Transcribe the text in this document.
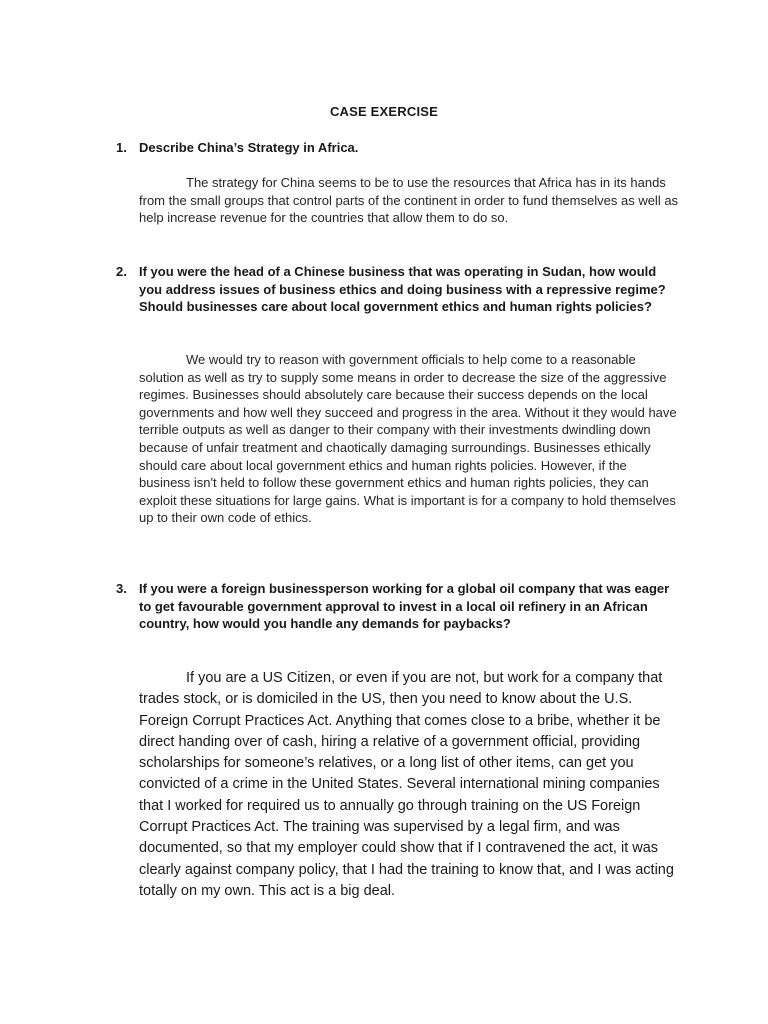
CASE EXERCISE
1. Describe China’s Strategy in Africa.
The strategy for China seems to be to use the resources that Africa has in its hands from the small groups that control parts of the continent in order to fund themselves as well as help increase revenue for the countries that allow them to do so.
2. If you were the head of a Chinese business that was operating in Sudan, how would you address issues of business ethics and doing business with a repressive regime? Should businesses care about local government ethics and human rights policies?
We would try to reason with government officials to help come to a reasonable solution as well as try to supply some means in order to decrease the size of the aggressive regimes. Businesses should absolutely care because their success depends on the local governments and how well they succeed and progress in the area. Without it they would have terrible outputs as well as danger to their company with their investments dwindling down because of unfair treatment and chaotically damaging surroundings. Businesses ethically should care about local government ethics and human rights policies. However, if the business isn't held to follow these government ethics and human rights policies, they can exploit these situations for large gains. What is important is for a company to hold themselves up to their own code of ethics.
3. If you were a foreign businessperson working for a global oil company that was eager to get favourable government approval to invest in a local oil refinery in an African country, how would you handle any demands for paybacks?
If you are a US Citizen, or even if you are not, but work for a company that trades stock, or is domiciled in the US, then you need to know about the U.S. Foreign Corrupt Practices Act. Anything that comes close to a bribe, whether it be direct handing over of cash, hiring a relative of a government official, providing scholarships for someone’s relatives, or a long list of other items, can get you convicted of a crime in the United States. Several international mining companies that I worked for required us to annually go through training on the US Foreign Corrupt Practices Act. The training was supervised by a legal firm, and was documented, so that my employer could show that if I contravened the act, it was clearly against company policy, that I had the training to know that, and I was acting totally on my own. This act is a big deal.
